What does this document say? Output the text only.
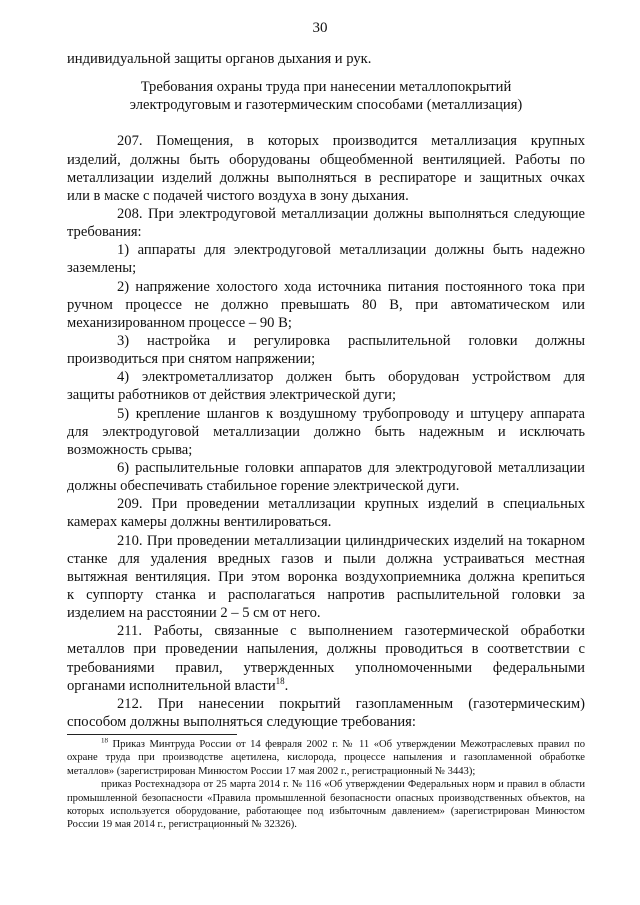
30
индивидуальной защиты органов дыхания и рук.
Требования охраны труда при нанесении металлопокрытий
электродуговым и газотермическим способами (металлизация)
207. Помещения, в которых производится металлизация крупных
изделий, должны быть оборудованы общеобменной вентиляцией. Работы по
металлизации изделий должны выполняться в респираторе и защитных очках
или в маске с подачей чистого воздуха в зону дыхания.
208. При электродуговой металлизации должны выполняться следующие
требования:
1) аппараты для электродуговой металлизации должны быть надежно
заземлены;
2) напряжение холостого хода источника питания постоянного тока при
ручном процессе не должно превышать 80 В, при автоматическом или
механизированном процессе – 90 В;
3) настройка и регулировка распылительной головки должны
производиться при снятом напряжении;
4) электрометаллизатор должен быть оборудован устройством для
защиты работников от действия электрической дуги;
5) крепление шлангов к воздушному трубопроводу и штуцеру аппарата
для электродуговой металлизации должно быть надежным и исключать
возможность срыва;
6) распылительные головки аппаратов для электродуговой металлизации
должны обеспечивать стабильное горение электрической дуги.
209. При проведении металлизации крупных изделий в специальных
камерах камеры должны вентилироваться.
210. При проведении металлизации цилиндрических изделий на токарном
станке для удаления вредных газов и пыли должна устраиваться местная
вытяжная вентиляция. При этом воронка воздухоприемника должна крепиться
к суппорту станка и располагаться напротив распылительной головки за
изделием на расстоянии 2 – 5 см от него.
211. Работы, связанные с выполнением газотермической обработки
металлов при проведении напыления, должны проводиться в соответствии с
требованиями правил, утвержденных уполномоченными федеральными
органами исполнительной власти$^{18}$.
212. При нанесении покрытий газопламенным (газотермическим)
способом должны выполняться следующие требования:
$^{18}$ Приказ Минтруда России от 14 февраля 2002 г. № 11 «Об утверждении Межотраслевых правил по
охране труда при производстве ацетилена, кислорода, процессе напыления и газопламенной обработке
металлов» (зарегистрирован Минюстом России 17 мая 2002 г., регистрационный № 3443);
приказ Ростехнадзора от 25 марта 2014 г. № 116 «Об утверждении Федеральных норм и правил в области
промышленной безопасности «Правила промышленной безопасности опасных производственных объектов, на
которых используется оборудование, работающее под избыточным давлением» (зарегистрирован Минюстом
России 19 мая 2014 г., регистрационный № 32326).
